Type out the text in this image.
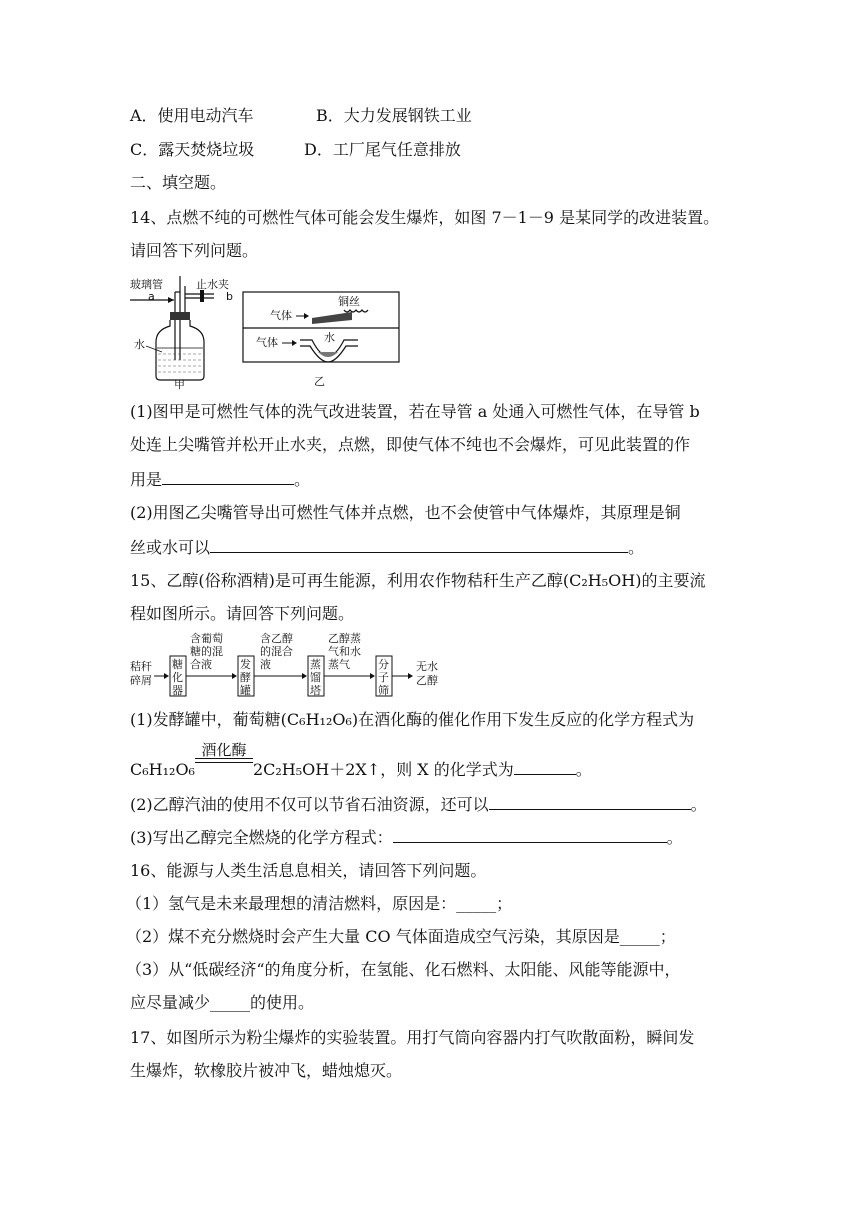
A．使用电动汽车	B．大力发展钢铁工业
C．露天焚烧垃圾	D．工厂尾气任意排放
二、填空题。
14、点燃不纯的可燃性气体可能会发生爆炸，如图 7－1－9 是某同学的改进装置。
请回答下列问题。
玻璃管
a
止水夹
b
水
甲
气体
铜丝
气体	水
乙
(1)图甲是可燃性气体的洗气改进装置，若在导管 a 处通入可燃性气体，在导管 b
处连上尖嘴管并松开止水夹，点燃，即使气体不纯也不会爆炸，可见此装置的作
用是	。
(2)用图乙尖嘴管导出可燃性气体并点燃，也不会使管中气体爆炸，其原理是铜
丝或水可以	。
15、乙醇(俗称酒精)是可再生能源，利用农作物秸秆生产乙醇(C₂H₅OH)的主要流
程如图所示。请回答下列问题。
秸秆
碎屑
糖
化
器
含葡萄
糖的混
合液	发
酵
罐
含乙醇
的混合
液	蒸
馏
塔
乙醇蒸
气和水
蒸气	分
子
筛
无水
乙醇
(1)发酵罐中，葡萄糖(C₆H₁₂O₆)在酒化酶的催化作用下发生反应的化学方程式为
C₆H₁₂O₆
酒化酶
2C₂H₅OH＋2X↑，则 X 的化学式为	。
(2)乙醇汽油的使用不仅可以节省石油资源，还可以	。
(3)写出乙醇完全燃烧的化学方程式：	。
16、能源与人类生活息息相关，请回答下列问题。
（1）氢气是未来最理想的清洁燃料，原因是：_____；
（2）煤不充分燃烧时会产生大量 CO 气体面造成空气污染，其原因是_____；
（3）从“低碳经济“的角度分析，在氢能、化石燃料、太阳能、风能等能源中，
应尽量减少_____的使用。
17、如图所示为粉尘爆炸的实验装置。用打气筒向容器内打气吹散面粉，瞬间发
生爆炸，软橡胶片被冲飞，蜡烛熄灭。
